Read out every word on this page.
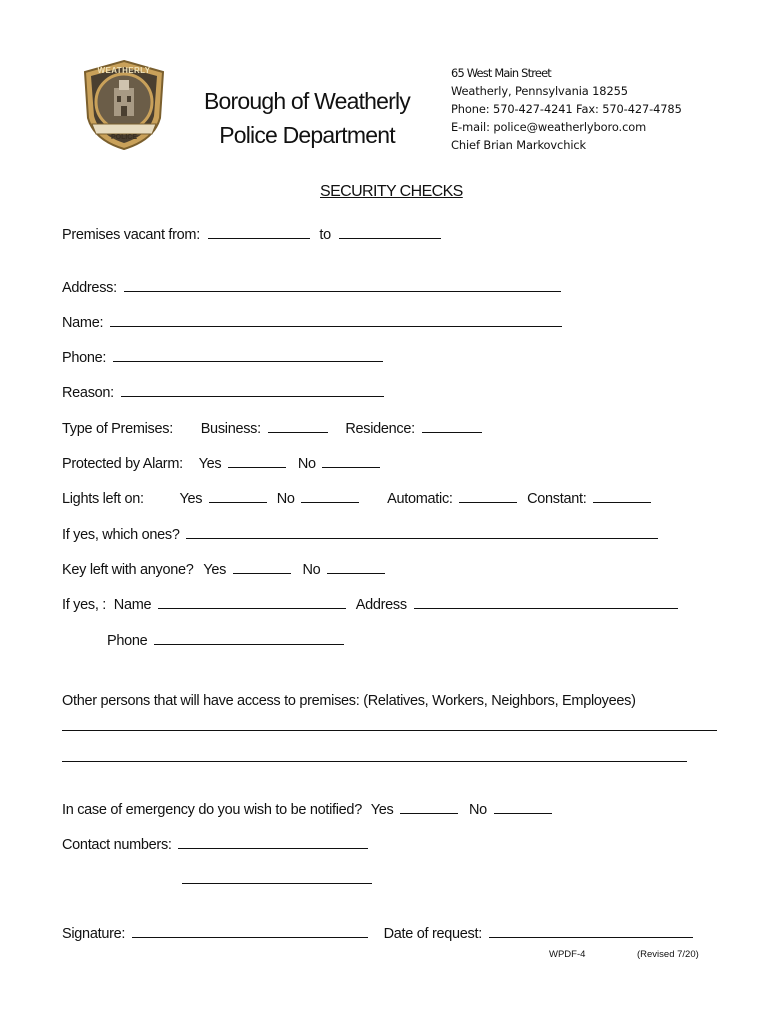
WEATHERLY
POLICE
Borough of Weatherly
Police Department
65 West Main Street
Weatherly, Pennsylvania 18255
Phone: 570-427-4241 Fax: 570-427-4785
E-mail: police@weatherlyboro.com
Chief Brian Markovchick
SECURITY CHECKS
Premises vacant from:	to
Address:
Name:
Phone:
Reason:
Type of Premises: Business:	Residence:
Protected by Alarm: Yes	No
Lights left on: Yes	No	Automatic:	Constant:
If yes, which ones?
Key left with anyone? Yes	No
If yes, : Name	Address
Phone
Other persons that will have access to premises: (Relatives, Workers, Neighbors, Employees)
In case of emergency do you wish to be notified? Yes	No
Contact numbers:
Signature:	Date of request:
WPDF-4	(Revised 7/20)
